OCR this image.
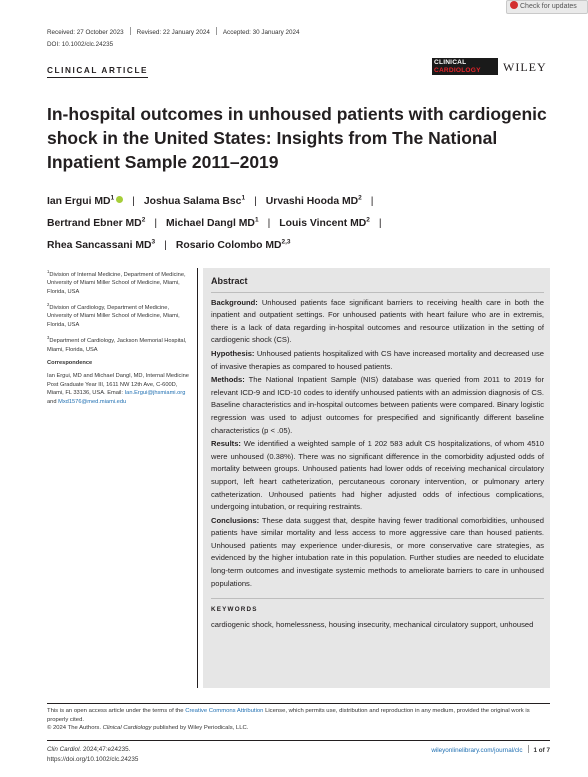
Check for updates
Received: 27 October 2023 Revised: 22 January 2024 Accepted: 30 January 2024
DOI: 10.1002/clc.24235
CLINICAL ARTICLE
CLINICAL
CARDIOLOGY WILEY
In-hospital outcomes in unhoused patients with cardiogenic shock in the United States: Insights from The National Inpatient Sample 2011–2019
Ian Ergui $MD^1$ | Joshua Salama Bsc$^1$ | Urvashi Hooda $MD^2$ |
Bertrand Ebner $MD^2$ | Michael Dangl $MD^1$ | Louis Vincent $MD^2$ |
Rhea Sancassani $MD^3$ | Rosario Colombo MD$^{2,3}$

$^1$Division of Internal Medicine, Department of Medicine, University of Miami Miller School of Medicine, Miami, Florida, USA

$^2$Division of Cardiology, Department of Medicine, University of Miami Miller School of Medicine, Miami, Florida, USA

$^3$Department of Cardiology, Jackson Memorial Hospital, Miami, Florida, USA

Correspondence

Ian Ergui, MD and Michael Dangl, MD, Internal Medicine Post Graduate Year III, 1611 NW 12th Ave, C-600D, Miami, FL 33136, USA. Email: Ian.Ergui@jhsmiami.org and Mxd1576@med.miami.edu

Abstract

Background: Unhoused patients face significant barriers to receiving health care in both the inpatient and outpatient settings. For unhoused patients with heart failure who are in extremis, there is a lack of data regarding in-hospital outcomes and resource utilization in the setting of cardiogenic shock (CS).

Hypothesis: Unhoused patients hospitalized with CS have increased mortality and decreased use of invasive therapies as compared to housed patients.

Methods: The National Inpatient Sample (NIS) database was queried from 2011 to 2019 for relevant ICD-9 and ICD-10 codes to identify unhoused patients with an admission diagnosis of CS. Baseline characteristics and in-hospital outcomes between patients were compared. Binary logistic regression was used to adjust outcomes for prespecified and significantly different baseline characteristics (p < .05).

Results: We identified a weighted sample of 1 202 583 adult CS hospitalizations, of whom 4510 were unhoused (0.38%). There was no significant difference in the comorbidity adjusted odds of mortality between groups. Unhoused patients had lower odds of receiving mechanical circulatory support, left heart catheterization, percutaneous coronary intervention, or pulmonary artery catheterization. Unhoused patients had higher adjusted odds of infectious complications, undergoing intubation, or requiring restraints.

Conclusions: These data suggest that, despite having fewer traditional comorbidities, unhoused patients have similar mortality and less access to more aggressive care than housed patients. Unhoused patients may experience under-diuresis, or more conservative care strategies, as evidenced by the higher intubation rate in this population. Further studies are needed to elucidate long-term outcomes and investigate systemic methods to ameliorate barriers to care in unhoused populations.

KEYWORDS

cardiogenic shock, homelessness, housing insecurity, mechanical circulatory support, unhoused

This is an open access article under the terms of the Creative Commons Attribution License, which permits use, distribution and reproduction in any medium, provided the original work is properly cited.
© 2024 The Authors. Clinical Cardiology published by Wiley Periodicals, LLC.
Clin Cardiol. 2024;47:e24235.
https://doi.org/10.1002/clc.24235
wileyonlinelibrary.com/journal/clc 1 of 7
